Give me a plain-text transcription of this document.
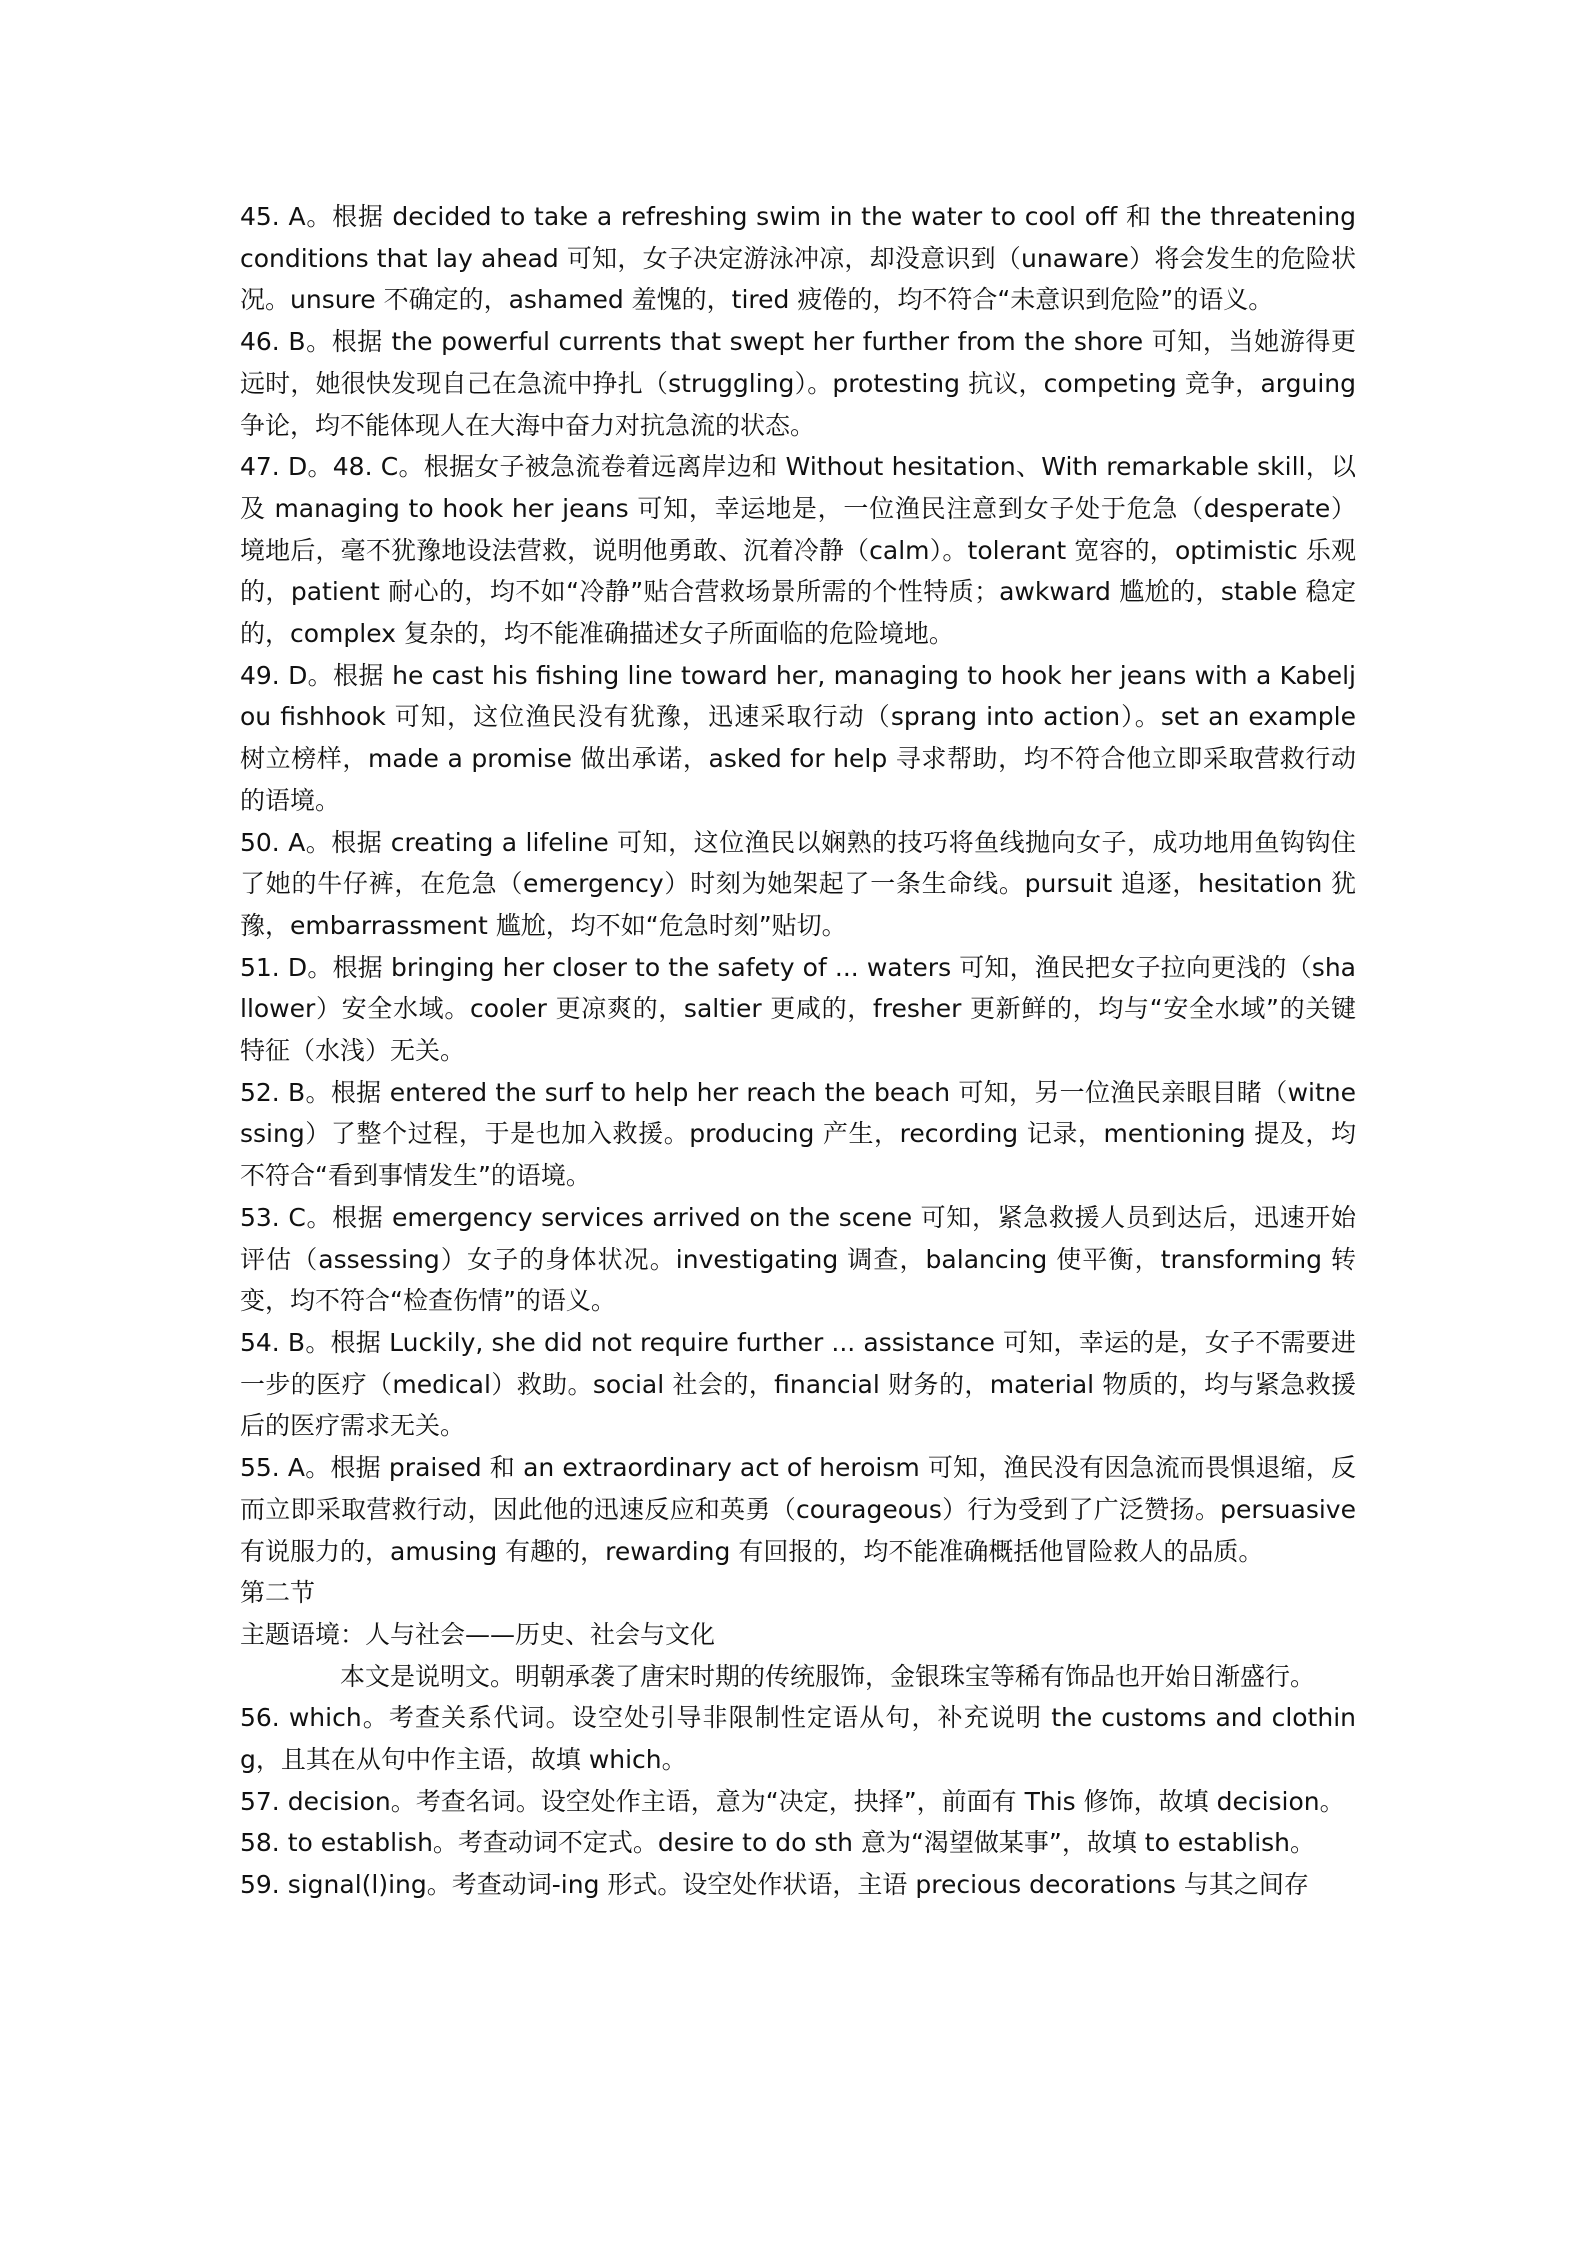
45. A。根据 decided to take a refreshing swim in the water to cool off 和 the threatening conditions that lay ahead 可知，女子决定游泳冲凉，却没意识到（unaware）将会发生的危险状况。unsure 不确定的，ashamed 羞愧的，tired 疲倦的，均不符合“未意识到危险”的语义。

46. B。根据 the powerful currents that swept her further from the shore 可知，当她游得更远时，她很快发现自己在急流中挣扎（struggling）。protesting 抗议，competing 竞争，arguing 争论，均不能体现人在大海中奋力对抗急流的状态。

47. D。48. C。根据女子被急流卷着远离岸边和 Without hesitation、With remarkable skill，以及 managing to hook her jeans 可知，幸运地是，一位渔民注意到女子处于危急（desperate）境地后，毫不犹豫地设法营救，说明他勇敢、沉着冷静（calm）。tolerant 宽容的，optimistic 乐观的，patient 耐心的，均不如“冷静”贴合营救场景所需的个性特质；awkward 尴尬的，stable 稳定的，complex 复杂的，均不能准确描述女子所面临的危险境地。

49. D。根据 he cast his fishing line toward her, managing to hook her jeans with a Kabeljou fishhook 可知，这位渔民没有犹豫，迅速采取行动（sprang into action）。set an example 树立榜样，made a promise 做出承诺，asked for help 寻求帮助，均不符合他立即采取营救行动的语境。

50. A。根据 creating a lifeline 可知，这位渔民以娴熟的技巧将鱼线抛向女子，成功地用鱼钩钩住了她的牛仔裤，在危急（emergency）时刻为她架起了一条生命线。pursuit 追逐，hesitation 犹豫，embarrassment 尴尬，均不如“危急时刻”贴切。

51. D。根据 bringing her closer to the safety of ... waters 可知，渔民把女子拉向更浅的（shallower）安全水域。cooler 更凉爽的，saltier 更咸的，fresher 更新鲜的，均与“安全水域”的关键特征（水浅）无关。

52. B。根据 entered the surf to help her reach the beach 可知，另一位渔民亲眼目睹（witnessing）了整个过程，于是也加入救援。producing 产生，recording 记录，mentioning 提及，均不符合“看到事情发生”的语境。

53. C。根据 emergency services arrived on the scene 可知，紧急救援人员到达后，迅速开始评估（assessing）女子的身体状况。investigating 调查，balancing 使平衡，transforming 转变，均不符合“检查伤情”的语义。

54. B。根据 Luckily, she did not require further ... assistance 可知，幸运的是，女子不需要进一步的医疗（medical）救助。social 社会的，financial 财务的，material 物质的，均与紧急救援后的医疗需求无关。

55. A。根据 praised 和 an extraordinary act of heroism 可知，渔民没有因急流而畏惧退缩，反而立即采取营救行动，因此他的迅速反应和英勇（courageous）行为受到了广泛赞扬。persuasive 有说服力的，amusing 有趣的，rewarding 有回报的，均不能准确概括他冒险救人的品质。

第二节

主题语境：人与社会——历史、社会与文化

本文是说明文。明朝承袭了唐宋时期的传统服饰，金银珠宝等稀有饰品也开始日渐盛行。

56. which。考查关系代词。设空处引导非限制性定语从句，补充说明 the customs and clothing，且其在从句中作主语，故填 which。

57. decision。考查名词。设空处作主语，意为“决定，抉择”，前面有 This 修饰，故填 decision。

58. to establish。考查动词不定式。desire to do sth 意为“渴望做某事”，故填 to establish。

59. signal(l)ing。考查动词-ing 形式。设空处作状语，主语 precious decorations 与其之间存
